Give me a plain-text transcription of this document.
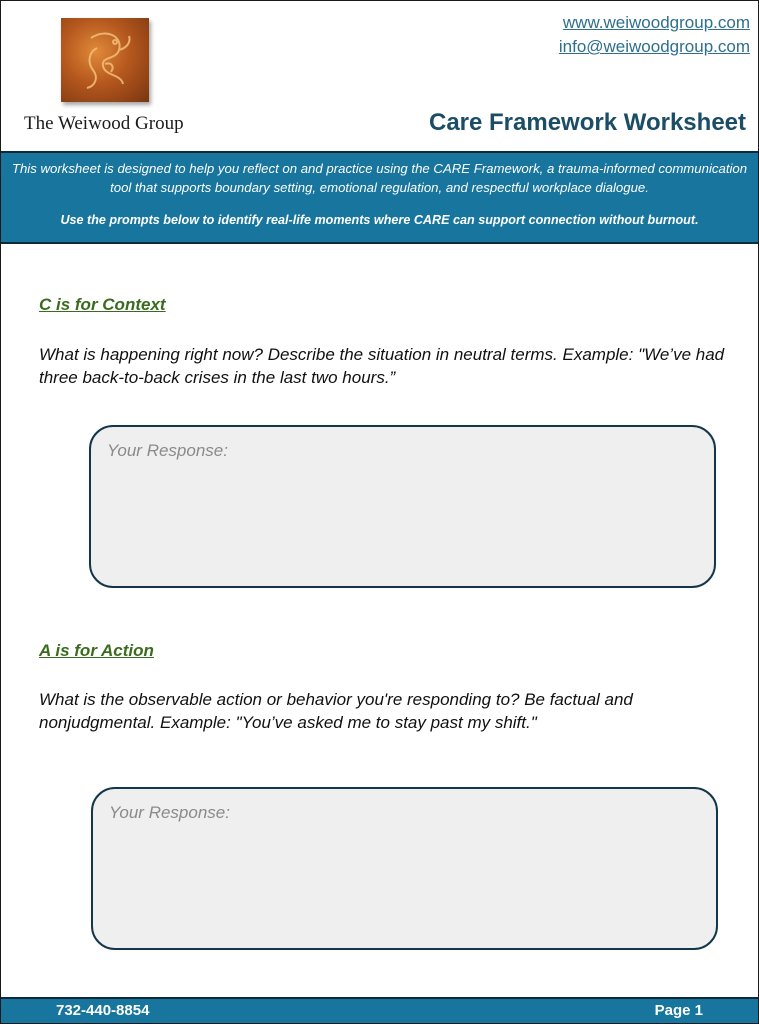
The Weiwood Group
www.weiwoodgroup.com
info@weiwoodgroup.com
Care Framework Worksheet
This worksheet is designed to help you reflect on and practice using the CARE Framework, a trauma-informed communication tool that supports boundary setting, emotional regulation, and respectful workplace dialogue.
Use the prompts below to identify real-life moments where CARE can support connection without burnout.
C is for Context
What is happening right now? Describe the situation in neutral terms. Example: "We’ve had three back-to-back crises in the last two hours.”
Your Response:
A is for Action
What is the observable action or behavior you're responding to? Be factual and nonjudgmental. Example: "You’ve asked me to stay past my shift."
Your Response:
732-440-8854	Page 1
